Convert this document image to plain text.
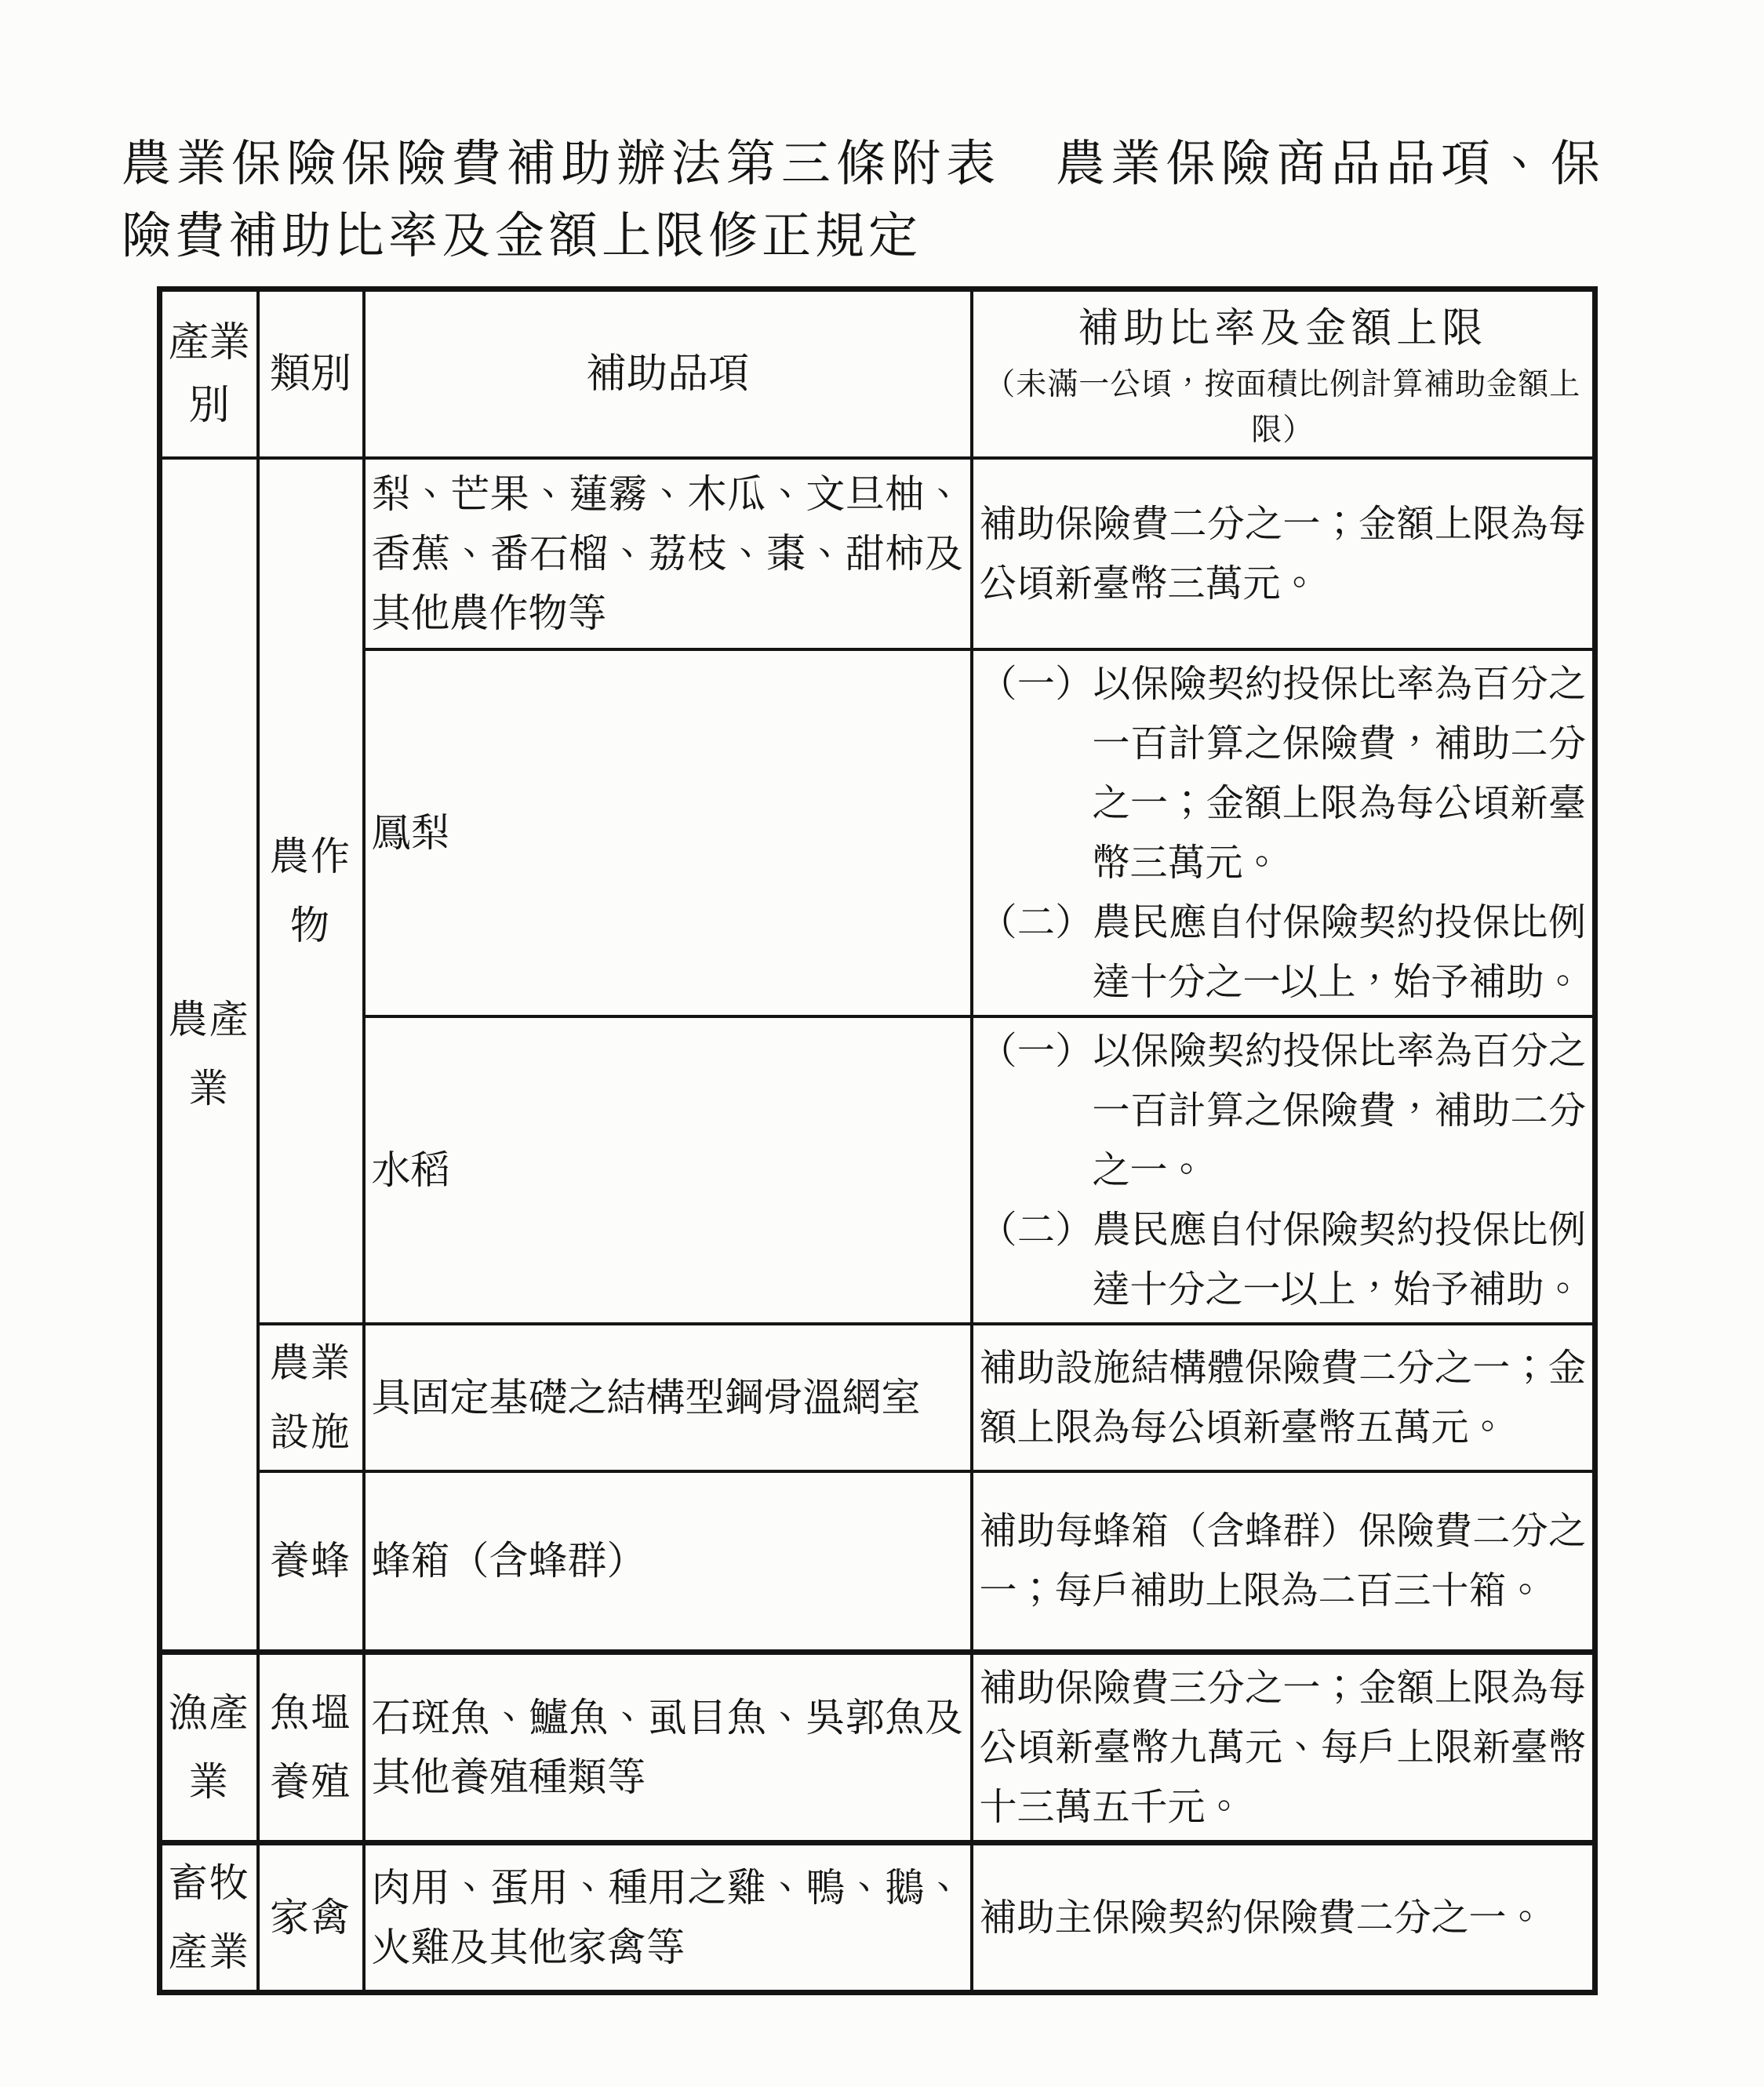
農業保險保險費補助辦法第三條附表　農業保險商品品項、保險費補助比率及金額上限修正規定
產業別	類別	補助品項	補助比率及金額上限
（未滿一公頃，按面積比例計算補助金額上限）

農產業	農作物	梨、芒果、蓮霧、木瓜、文旦柚、香蕉、番石榴、荔枝、棗、甜柿及其他農作物等	補助保險費二分之一；金額上限為每公頃新臺幣三萬元。

		鳳梨	（一）以保險契約投保比率為百分之一百計算之保險費，補助二分之一；金額上限為每公頃新臺幣三萬元。
（二）農民應自付保險契約投保比例達十分之一以上，始予補助。

		水稻	（一）以保險契約投保比率為百分之一百計算之保險費，補助二分之一。
（二）農民應自付保險契約投保比例達十分之一以上，始予補助。

	農業設施	具固定基礎之結構型鋼骨溫網室	補助設施結構體保險費二分之一；金額上限為每公頃新臺幣五萬元。

	養蜂	蜂箱（含蜂群）	補助每蜂箱（含蜂群）保險費二分之一；每戶補助上限為二百三十箱。

漁產業	魚塭養殖	石斑魚、鱸魚、虱目魚、吳郭魚及其他養殖種類等	補助保險費三分之一；金額上限為每公頃新臺幣九萬元、每戶上限新臺幣十三萬五千元。

畜牧產業	家禽	肉用、蛋用、種用之雞、鴨、鵝、火雞及其他家禽等	補助主保險契約保險費二分之一。
